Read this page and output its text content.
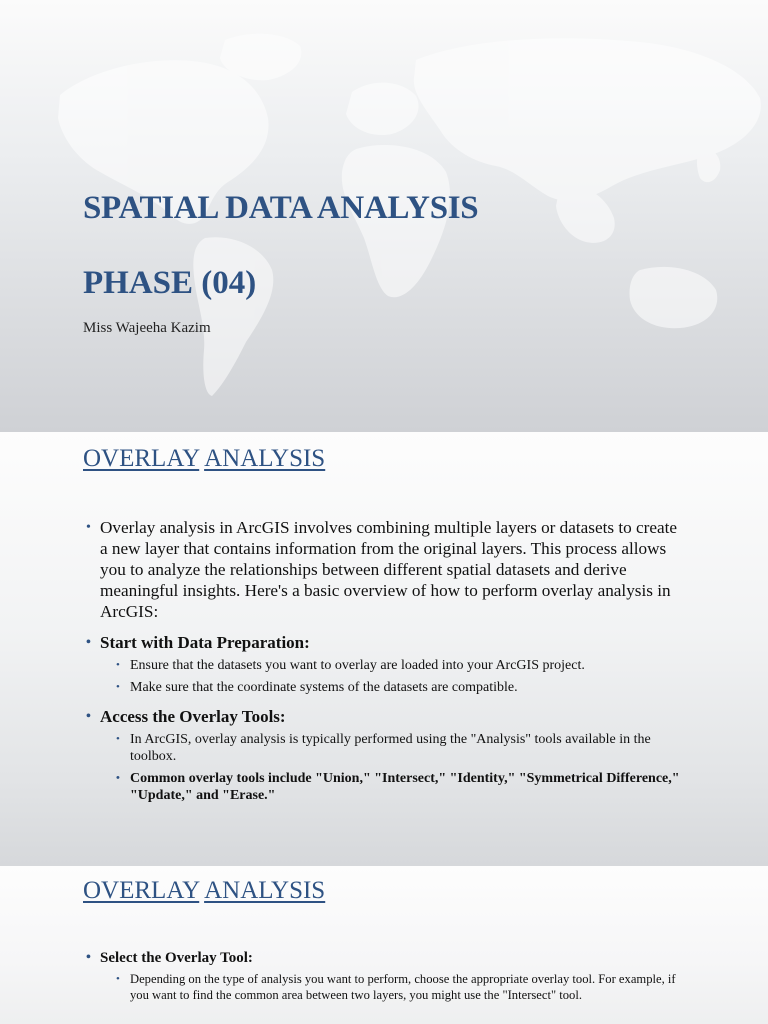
SPATIAL DATA ANALYSIS
PHASE (04)
Miss Wajeeha Kazim
OVERLAY ANALYSIS
• Overlay analysis in ArcGIS involves combining multiple layers or datasets to create a new layer that contains information from the original layers. This process allows you to analyze the relationships between different spatial datasets and derive meaningful insights. Here's a basic overview of how to perform overlay analysis in ArcGIS:
• Start with Data Preparation:
• Ensure that the datasets you want to overlay are loaded into your ArcGIS project.
• Make sure that the coordinate systems of the datasets are compatible.
• Access the Overlay Tools:
• In ArcGIS, overlay analysis is typically performed using the "Analysis" tools available in the toolbox.
• Common overlay tools include "Union," "Intersect," "Identity," "Symmetrical Difference," "Update," and "Erase."
OVERLAY ANALYSIS
• Select the Overlay Tool:
• Depending on the type of analysis you want to perform, choose the appropriate overlay tool. For example, if you want to find the common area between two layers, you might use the "Intersect" tool.
